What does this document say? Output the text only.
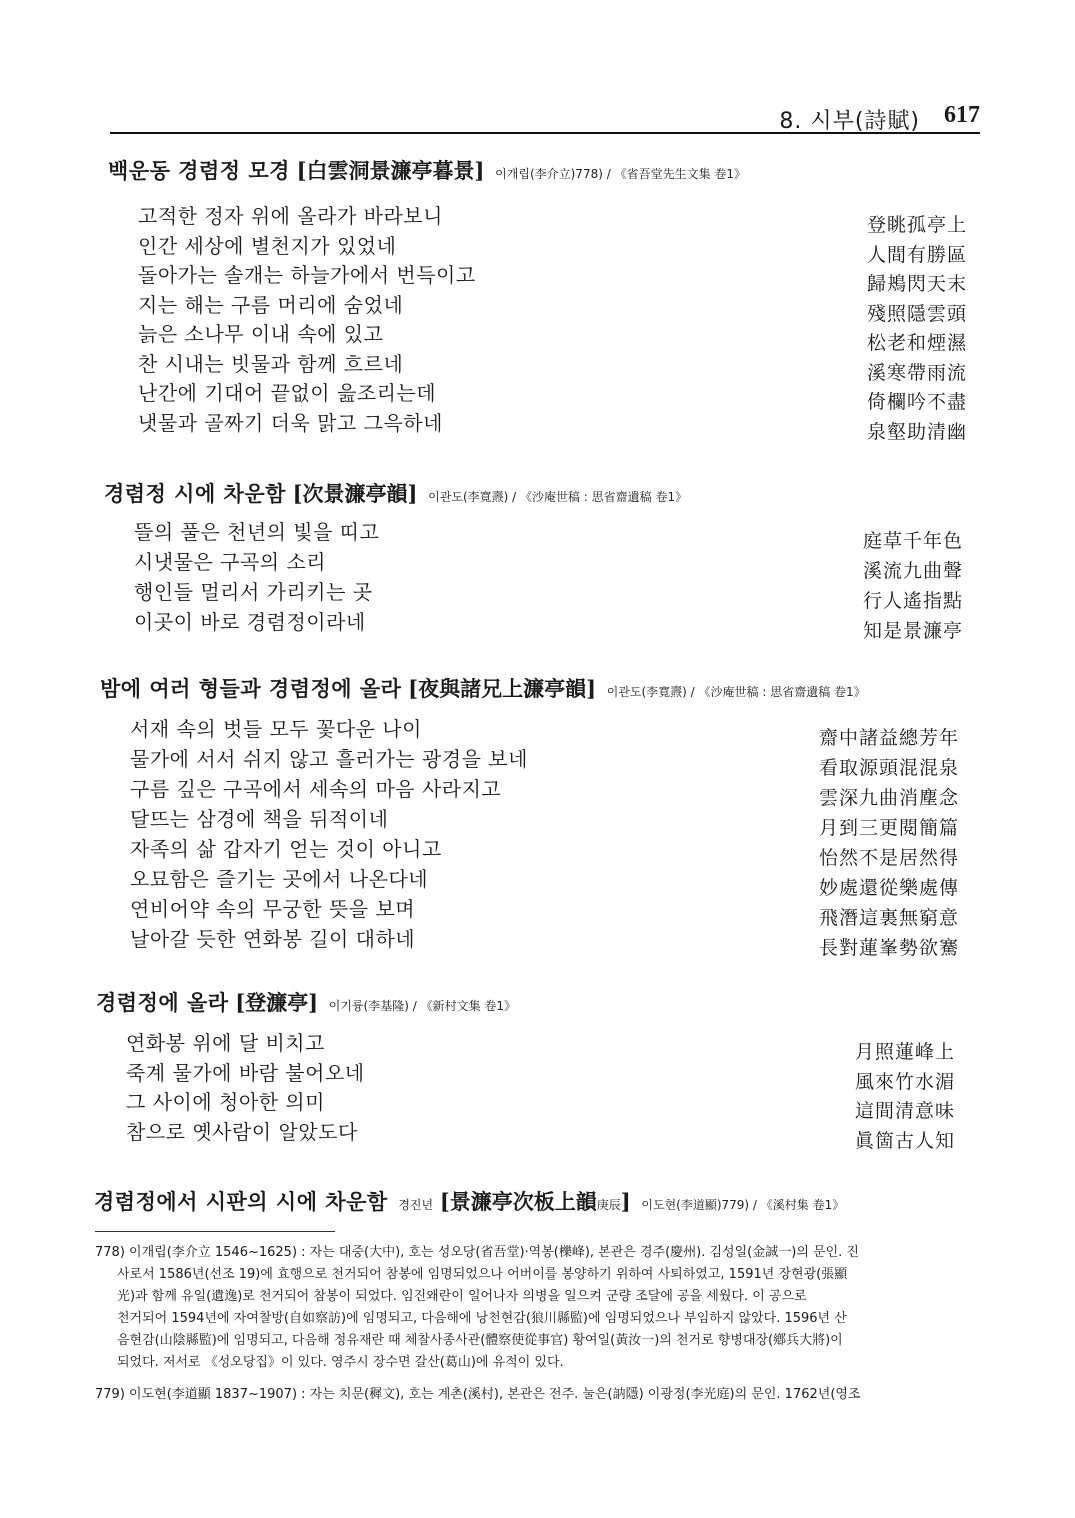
8. 시부(詩賦) 617
백운동 경렴정 모경 [白雲洞景濂亭暮景] 이개립(李介立)778) / 《省吾堂先生文集 卷1》
고적한 정자 위에 올라가 바라보니
인간 세상에 별천지가 있었네
돌아가는 솔개는 하늘가에서 번득이고
지는 해는 구름 머리에 숨었네
늙은 소나무 이내 속에 있고
찬 시내는 빗물과 함께 흐르네
난간에 기대어 끝없이 읊조리는데
냇물과 골짜기 더욱 맑고 그윽하네
登眺孤亭上
人間有勝區
歸鴂閃天末
殘照隱雲頭
松老和煙濕
溪寒帶雨流
倚欄吟不盡
泉壑助清幽
경렴정 시에 차운함 [次景濂亭韻] 이관도(李寬燾) / 《沙庵世稿 : 思省齋遺稿 卷1》
뜰의 풀은 천년의 빛을 띠고
시냇물은 구곡의 소리
행인들 멀리서 가리키는 곳
이곳이 바로 경렴정이라네
庭草千年色
溪流九曲聲
行人遙指點
知是景濂亭
밤에 여러 형들과 경렴정에 올라 [夜與諸兄上濂亭韻] 이관도(李寬燾) / 《沙庵世稿 : 思省齋遺稿 卷1》
서재 속의 벗들 모두 꽃다운 나이
물가에 서서 쉬지 않고 흘러가는 광경을 보네
구름 깊은 구곡에서 세속의 마음 사라지고
달뜨는 삼경에 책을 뒤적이네
자족의 삶 갑자기 얻는 것이 아니고
오묘함은 즐기는 곳에서 나온다네
연비어약 속의 무궁한 뜻을 보며
날아갈 듯한 연화봉 길이 대하네
齋中諸益總芳年
看取源頭混混泉
雲深九曲消塵念
月到三更閱簡篇
怡然不是居然得
妙處還從樂處傳
飛潛這裏無窮意
長對蓮峯勢欲騫
경렴정에 올라 [登濂亭] 이기륭(李基隆) / 《新村文集 卷1》
연화봉 위에 달 비치고
죽계 물가에 바람 불어오네
그 사이에 청아한 의미
참으로 옛사람이 알았도다
月照蓮峰上
風來竹水湄
這間清意味
眞箇古人知
경렴정에서 시판의 시에 차운함 경진년 [景濂亭次板上韻庚辰] 이도현(李道顯)779) / 《溪村集 卷1》
778) 이개립(李介立 1546~1625) : 자는 대중(大中), 호는 성오당(省吾堂)·역봉(櫟峰), 본관은 경주(慶州). 김성일(金誠一)의 문인. 진
사로서 1586년(선조 19)에 효행으로 천거되어 참봉에 임명되었으나 어버이를 봉양하기 위하여 사퇴하였고, 1591년 장현광(張顯
光)과 함께 유일(遺逸)로 천거되어 참봉이 되었다. 임진왜란이 일어나자 의병을 일으켜 군량 조달에 공을 세웠다. 이 공으로
천거되어 1594년에 자여찰방(自如察訪)에 임명되고, 다음해에 낭천현감(狼川縣監)에 임명되었으나 부임하지 않았다. 1596년 산
음현감(山陰縣監)에 임명되고, 다음해 정유재란 때 체찰사종사관(體察使從事官) 황여일(黃汝一)의 천거로 향병대장(鄕兵大將)이
되었다. 저서로 《성오당집》이 있다. 영주시 장수면 갈산(葛山)에 유적이 있다.
779) 이도현(李道顯 1837~1907) : 자는 치문(穉文), 호는 계촌(溪村), 본관은 전주. 눌은(訥隱) 이광정(李光庭)의 문인. 1762년(영조
